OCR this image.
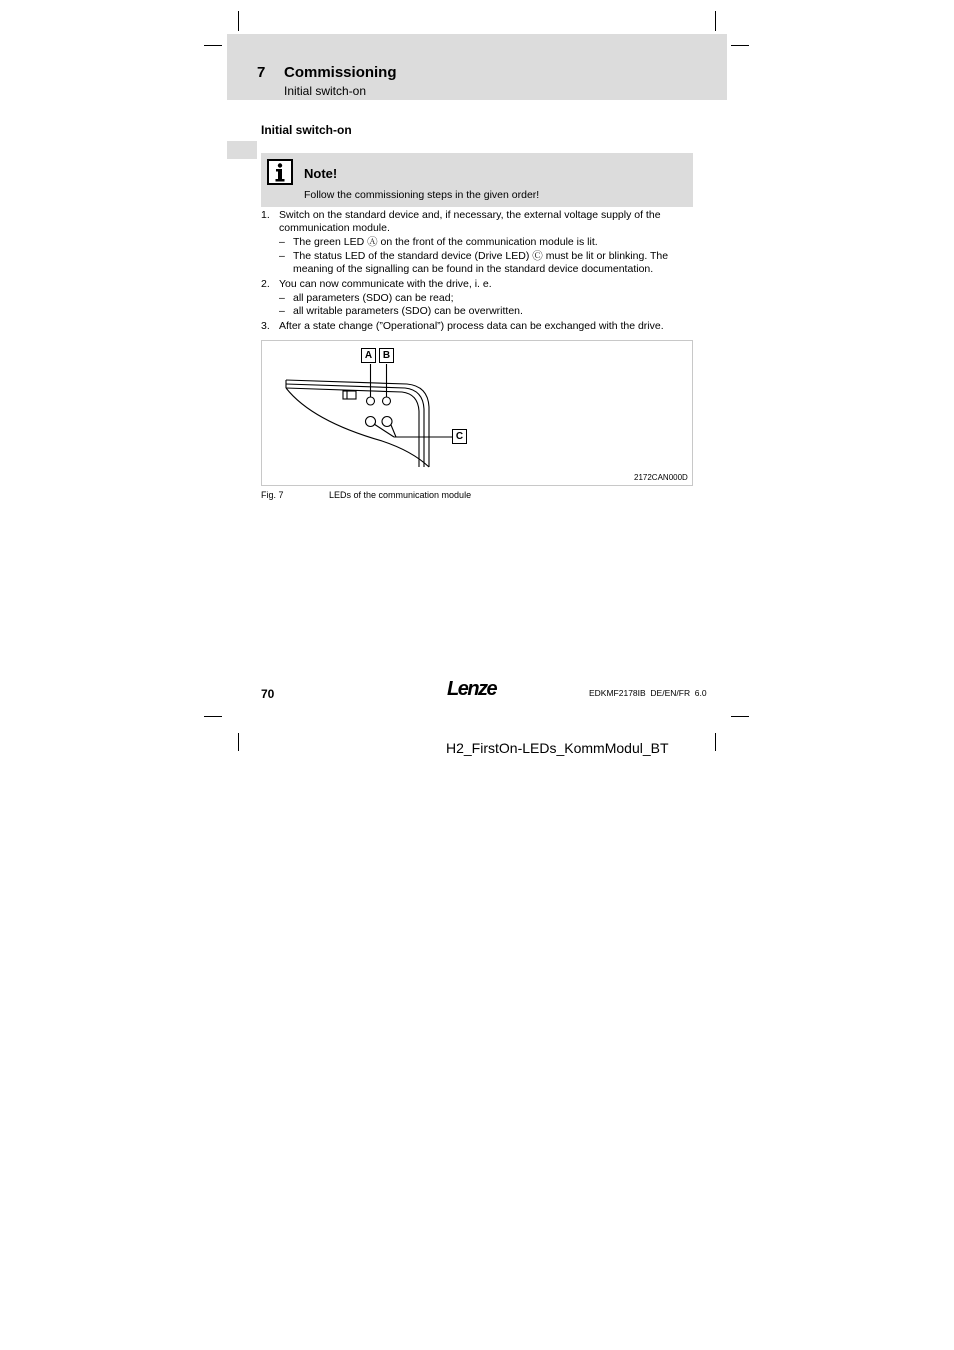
7 Commissioning
Initial switch-on
Initial switch-on
Note!
Follow the commissioning steps in the given order!
1. Switch on the standard device and, if necessary, the external voltage supply of the
communication module.
– The green LED Ⓐ on the front of the communication module is lit.
– The status LED of the standard device (Drive LED) Ⓒ must be lit or blinking. The
meaning of the signalling can be found in the standard device documentation.
2. You can now communicate with the drive, i. e.
– all parameters (SDO) can be read;
– all writable parameters (SDO) can be overwritten.
3. After a state change (”Operational”) process data can be exchanged with the drive.
A	B
C
2172CAN000D
Fig. 7	LEDs of the communication module
70	Lenze	EDKMF2178IB  DE/EN/FR  6.0
H2_FirstOn-LEDs_KommModul_BT
